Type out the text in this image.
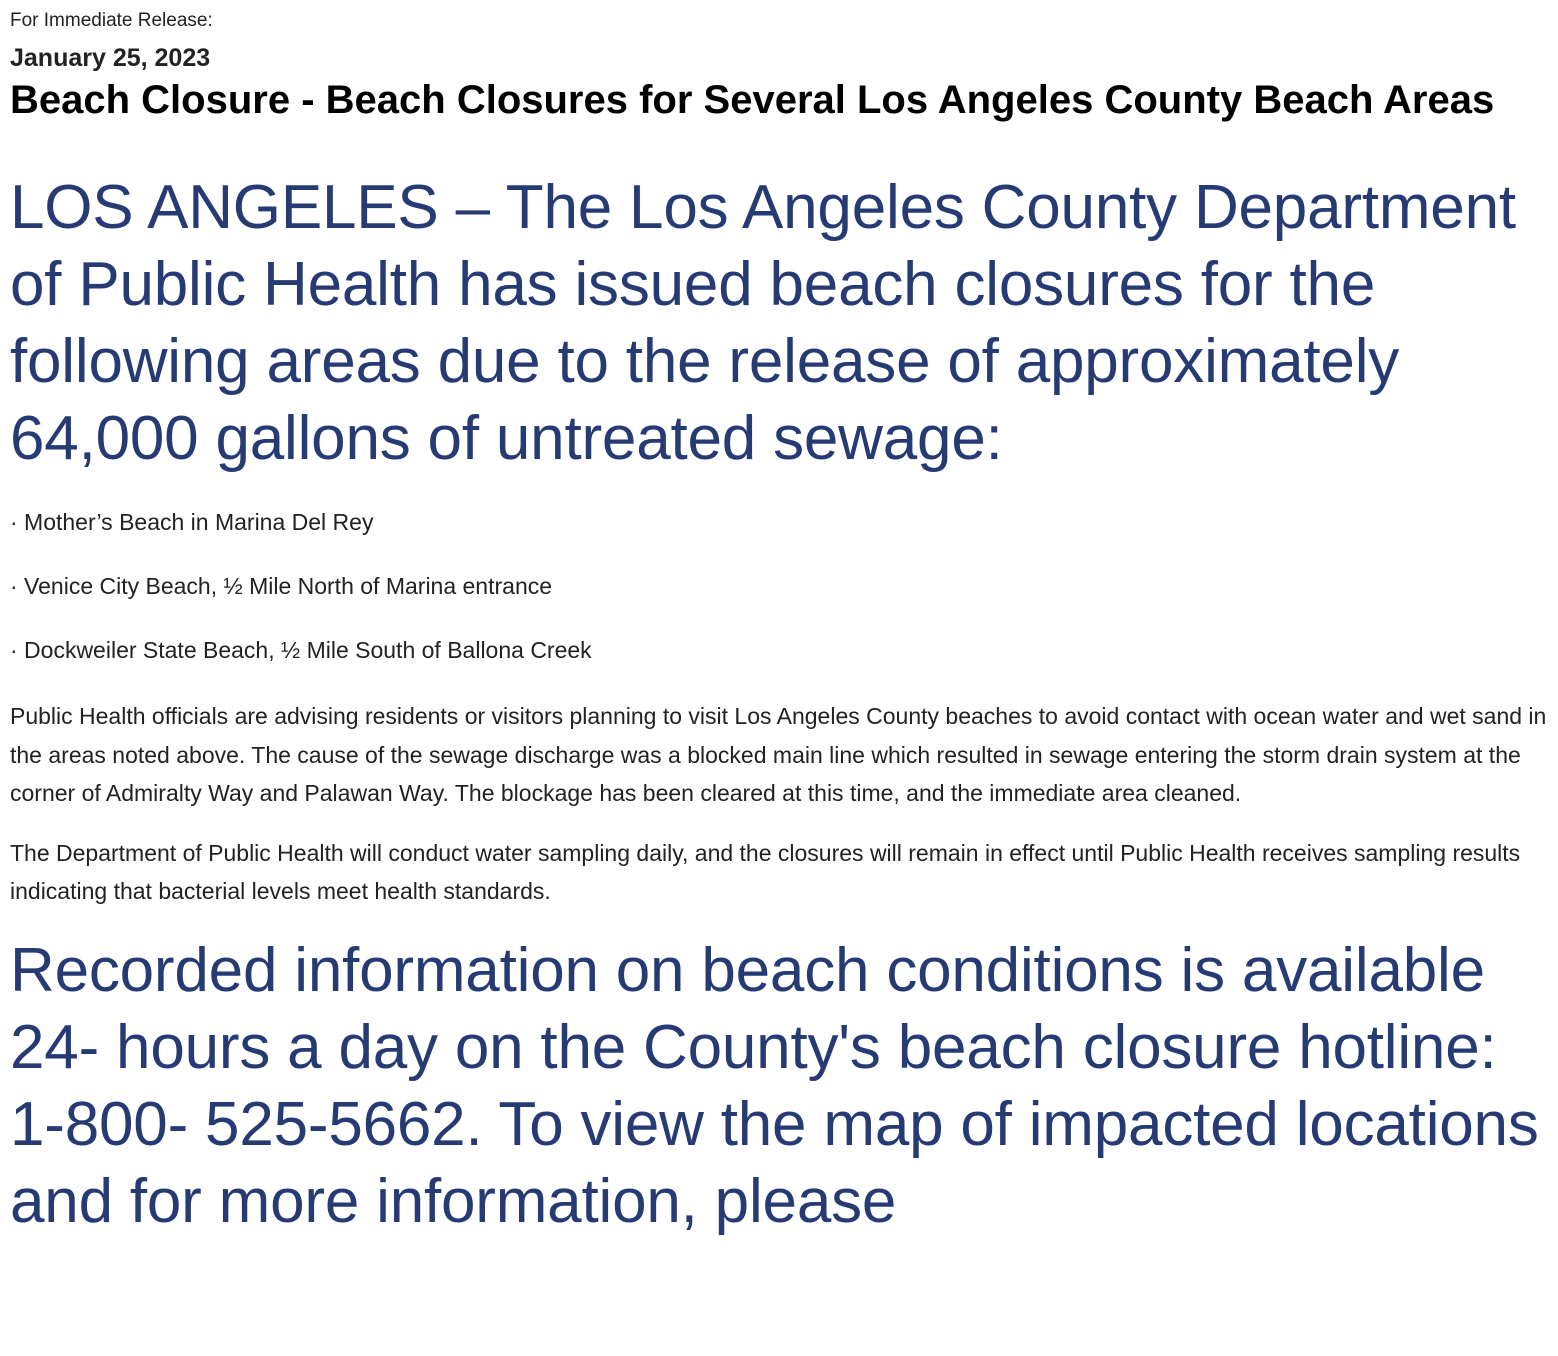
For Immediate Release:
January 25, 2023
Beach Closure - Beach Closures for Several Los Angeles County Beach Areas

LOS ANGELES – The Los Angeles County Department of Public Health has issued beach closures for the following areas due to the release of approximately 64,000 gallons of untreated sewage:

· Mother’s Beach in Marina Del Rey
· Venice City Beach, ½ Mile North of Marina entrance
· Dockweiler State Beach, ½ Mile South of Ballona Creek

Public Health officials are advising residents or visitors planning to visit Los Angeles County beaches to avoid contact with ocean water and wet sand in the areas noted above. The cause of the sewage discharge was a blocked main line which resulted in sewage entering the storm drain system at the corner of Admiralty Way and Palawan Way. The blockage has been cleared at this time, and the immediate area cleaned.

The Department of Public Health will conduct water sampling daily, and the closures will remain in effect until Public Health receives sampling results indicating that bacterial levels meet health standards.

Recorded information on beach conditions is available 24- hours a day on the County's beach closure hotline: 1-800- 525-5662. To view the map of impacted locations and for more information, please
